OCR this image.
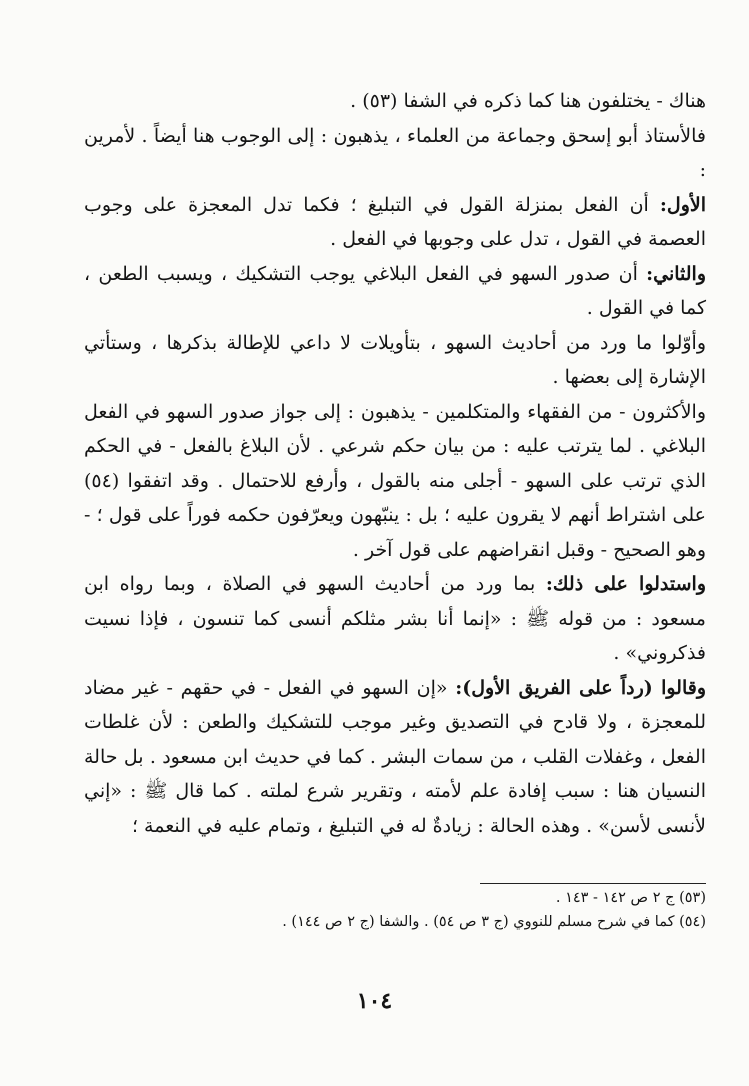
هناك - يختلفون هنا كما ذكره في الشفا (٥٣) .

فالأستاذ أبو إسحق وجماعة من العلماء ، يذهبون : إلى الوجوب هنا أيضاً . لأمرين :

الأول: أن الفعل بمنزلة القول في التبليغ ؛ فكما تدل المعجزة على وجوب العصمة في القول ، تدل على وجوبها في الفعل .

والثاني: أن صدور السهو في الفعل البلاغي يوجب التشكيك ، ويسبب الطعن ، كما في القول .

وأوّلوا ما ورد من أحاديث السهو ، بتأويلات لا داعي للإطالة بذكرها ، وستأتي الإشارة إلى بعضها .

والأكثرون - من الفقهاء والمتكلمين - يذهبون : إلى جواز صدور السهو في الفعل البلاغي . لما يترتب عليه : من بيان حكم شرعي . لأن البلاغ بالفعل - في الحكم الذي ترتب على السهو - أجلى منه بالقول ، وأرفع للاحتمال . وقد اتفقوا (٥٤) على اشتراط أنهم لا يقرون عليه ؛ بل : ينبّهون ويعرّفون حكمه فوراً على قول ؛ - وهو الصحيح - وقبل انقراضهم على قول آخر .

واستدلوا على ذلك: بما ورد من أحاديث السهو في الصلاة ، وبما رواه ابن مسعود : من قوله ﷺ : «إنما أنا بشر مثلكم أنسى كما تنسون ، فإذا نسيت فذكروني» .

وقالوا (رداً على الفريق الأول): «إن السهو في الفعل - في حقهم - غير مضاد للمعجزة ، ولا قادح في التصديق وغير موجب للتشكيك والطعن : لأن غلطات الفعل ، وغفلات القلب ، من سمات البشر . كما في حديث ابن مسعود . بل حالة النسيان هنا : سبب إفادة علم لأمته ، وتقرير شرع لملته . كما قال ﷺ : «إني لأنسى لأسن» . وهذه الحالة : زيادةٌ له في التبليغ ، وتمام عليه في النعمة ؛

(٥٣) ج ٢ ص ١٤٢ - ١٤٣ .

(٥٤) كما في شرح مسلم للنووي (ج ٣ ص ٥٤) . والشفا (ج ٢ ص ١٤٤) .

١٠٤
